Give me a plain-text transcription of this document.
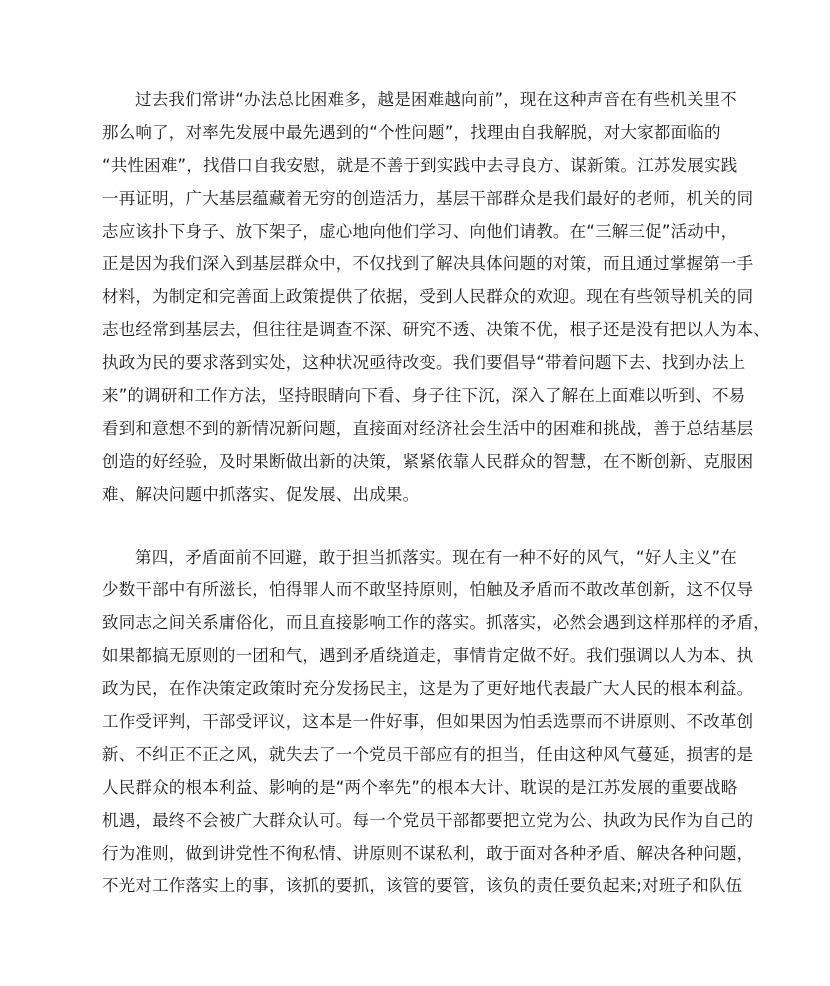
过去我们常讲“办法总比困难多，越是困难越向前”，现在这种声音在有些机关里不
那么响了，对率先发展中最先遇到的“个性问题”，找理由自我解脱，对大家都面临的
“共性困难”，找借口自我安慰，就是不善于到实践中去寻良方、谋新策。江苏发展实践
一再证明，广大基层蕴藏着无穷的创造活力，基层干部群众是我们最好的老师，机关的同
志应该扑下身子、放下架子，虚心地向他们学习、向他们请教。在“三解三促”活动中，
正是因为我们深入到基层群众中，不仅找到了解决具体问题的对策，而且通过掌握第一手
材料，为制定和完善面上政策提供了依据，受到人民群众的欢迎。现在有些领导机关的同
志也经常到基层去，但往往是调查不深、研究不透、决策不优，根子还是没有把以人为本、
执政为民的要求落到实处，这种状况亟待改变。我们要倡导“带着问题下去、找到办法上
来”的调研和工作方法，坚持眼睛向下看、身子往下沉，深入了解在上面难以听到、不易
看到和意想不到的新情况新问题，直接面对经济社会生活中的困难和挑战，善于总结基层
创造的好经验，及时果断做出新的决策，紧紧依靠人民群众的智慧，在不断创新、克服困
难、解决问题中抓落实、促发展、出成果。
第四，矛盾面前不回避，敢于担当抓落实。现在有一种不好的风气，“好人主义”在
少数干部中有所滋长，怕得罪人而不敢坚持原则，怕触及矛盾而不敢改革创新，这不仅导
致同志之间关系庸俗化，而且直接影响工作的落实。抓落实，必然会遇到这样那样的矛盾，
如果都搞无原则的一团和气，遇到矛盾绕道走，事情肯定做不好。我们强调以人为本、执
政为民，在作决策定政策时充分发扬民主，这是为了更好地代表最广大人民的根本利益。
工作受评判，干部受评议，这本是一件好事，但如果因为怕丢选票而不讲原则、不改革创
新、不纠正不正之风，就失去了一个党员干部应有的担当，任由这种风气蔓延，损害的是
人民群众的根本利益、影响的是“两个率先”的根本大计、耽误的是江苏发展的重要战略
机遇，最终不会被广大群众认可。每一个党员干部都要把立党为公、执政为民作为自己的
行为准则，做到讲党性不徇私情、讲原则不谋私利，敢于面对各种矛盾、解决各种问题，
不光对工作落实上的事，该抓的要抓，该管的要管，该负的责任要负起来;对班子和队伍
